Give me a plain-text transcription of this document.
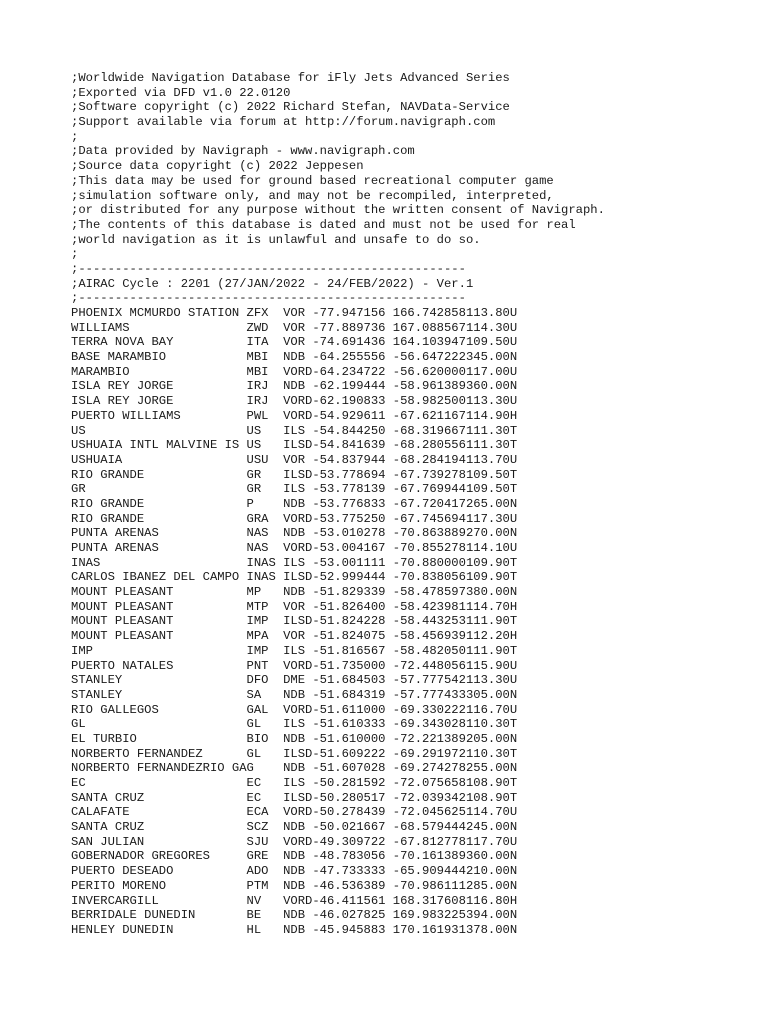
;Worldwide Navigation Database for iFly Jets Advanced Series
;Exported via DFD v1.0 22.0120
;Software copyright (c) 2022 Richard Stefan, NAVData-Service
;Support available via forum at http://forum.navigraph.com
;
;Data provided by Navigraph - www.navigraph.com
;Source data copyright (c) 2022 Jeppesen
;This data may be used for ground based recreational computer game
;simulation software only, and may not be recompiled, interpreted,
;or distributed for any purpose without the written consent of Navigraph.
;The contents of this database is dated and must not be used for real
;world navigation as it is unlawful and unsafe to do so.
;
;-----------------------------------------------------
;AIRAC Cycle : 2201 (27/JAN/2022 - 24/FEB/2022) - Ver.1
;-----------------------------------------------------
PHOENIX MCMURDO STATION ZFX  VOR -77.947156 166.742858113.80U
WILLIAMS                ZWD  VOR -77.889736 167.088567114.30U
TERRA NOVA BAY          ITA  VOR -74.691436 164.103947109.50U
BASE MARAMBIO           MBI  NDB -64.255556 -56.647222345.00N
MARAMBIO                MBI  VORD-64.234722 -56.620000117.00U
ISLA REY JORGE          IRJ  NDB -62.199444 -58.961389360.00N
ISLA REY JORGE          IRJ  VORD-62.190833 -58.982500113.30U
PUERTO WILLIAMS         PWL  VORD-54.929611 -67.621167114.90H
US                      US   ILS -54.844250 -68.319667111.30T
USHUAIA INTL MALVINE IS US   ILSD-54.841639 -68.280556111.30T
USHUAIA                 USU  VOR -54.837944 -68.284194113.70U
RIO GRANDE              GR   ILSD-53.778694 -67.739278109.50T
GR                      GR   ILS -53.778139 -67.769944109.50T
RIO GRANDE              P    NDB -53.776833 -67.720417265.00N
RIO GRANDE              GRA  VORD-53.775250 -67.745694117.30U
PUNTA ARENAS            NAS  NDB -53.010278 -70.863889270.00N
PUNTA ARENAS            NAS  VORD-53.004167 -70.855278114.10U
INAS                    INAS ILS -53.001111 -70.880000109.90T
CARLOS IBANEZ DEL CAMPO INAS ILSD-52.999444 -70.838056109.90T
MOUNT PLEASANT          MP   NDB -51.829339 -58.478597380.00N
MOUNT PLEASANT          MTP  VOR -51.826400 -58.423981114.70H
MOUNT PLEASANT          IMP  ILSD-51.824228 -58.443253111.90T
MOUNT PLEASANT          MPA  VOR -51.824075 -58.456939112.20H
IMP                     IMP  ILS -51.816567 -58.482050111.90T
PUERTO NATALES          PNT  VORD-51.735000 -72.448056115.90U
STANLEY                 DFO  DME -51.684503 -57.777542113.30U
STANLEY                 SA   NDB -51.684319 -57.777433305.00N
RIO GALLEGOS            GAL  VORD-51.611000 -69.330222116.70U
GL                      GL   ILS -51.610333 -69.343028110.30T
EL TURBIO               BIO  NDB -51.610000 -72.221389205.00N
NORBERTO FERNANDEZ      GL   ILSD-51.609222 -69.291972110.30T
NORBERTO FERNANDEZRIO GAG    NDB -51.607028 -69.274278255.00N
EC                      EC   ILS -50.281592 -72.075658108.90T
SANTA CRUZ              EC   ILSD-50.280517 -72.039342108.90T
CALAFATE                ECA  VORD-50.278439 -72.045625114.70U
SANTA CRUZ              SCZ  NDB -50.021667 -68.579444245.00N
SAN JULIAN              SJU  VORD-49.309722 -67.812778117.70U
GOBERNADOR GREGORES     GRE  NDB -48.783056 -70.161389360.00N
PUERTO DESEADO          ADO  NDB -47.733333 -65.909444210.00N
PERITO MORENO           PTM  NDB -46.536389 -70.986111285.00N
INVERCARGILL            NV   VORD-46.411561 168.317608116.80H
BERRIDALE DUNEDIN       BE   NDB -46.027825 169.983225394.00N
HENLEY DUNEDIN          HL   NDB -45.945883 170.161931378.00N
